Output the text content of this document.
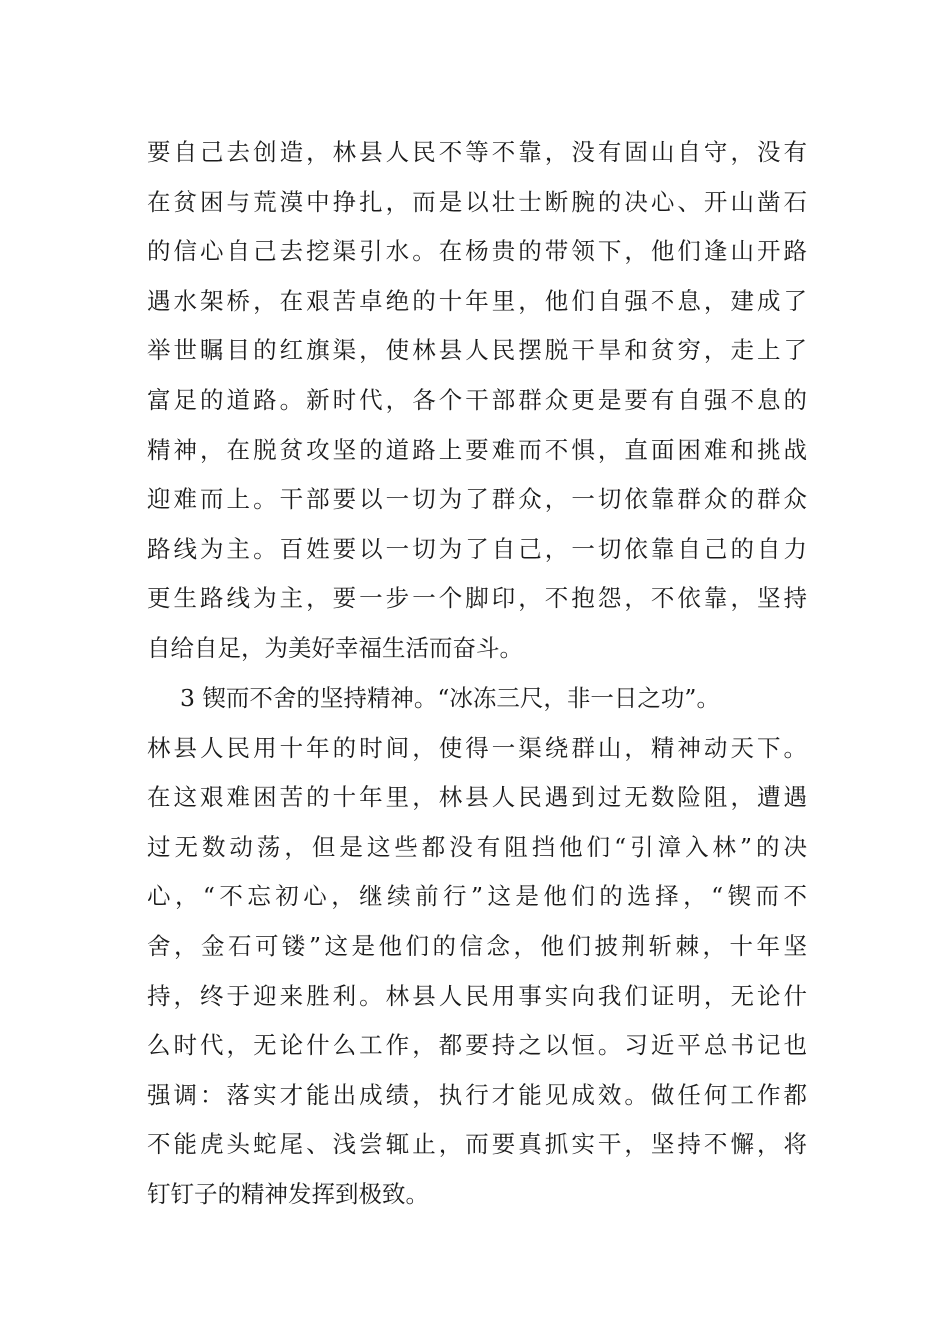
要自己去创造，林县人民不等不靠，没有固山自守，没有
在贫困与荒漠中挣扎，而是以壮士断腕的决心、开山凿石
的信心自己去挖渠引水。在杨贵的带领下，他们逢山开路
遇水架桥，在艰苦卓绝的十年里，他们自强不息，建成了
举世瞩目的红旗渠，使林县人民摆脱干旱和贫穷，走上了
富足的道路。新时代，各个干部群众更是要有自强不息的
精神，在脱贫攻坚的道路上要难而不惧，直面困难和挑战
迎难而上。干部要以一切为了群众，一切依靠群众的群众
路线为主。百姓要以一切为了自己，一切依靠自己的自力
更生路线为主，要一步一个脚印，不抱怨，不依靠，坚持
自给自足，为美好幸福生活而奋斗。
3 锲而不舍的坚持精神。“冰冻三尺，非一日之功”。
林县人民用十年的时间，使得一渠绕群山，精神动天下。
在这艰难困苦的十年里，林县人民遇到过无数险阻，遭遇
过无数动荡，但是这些都没有阻挡他们“引漳入林”的决
心，“不忘初心，继续前行”这是他们的选择，“锲而不
舍，金石可镂”这是他们的信念，他们披荆斩棘，十年坚
持，终于迎来胜利。林县人民用事实向我们证明，无论什
么时代，无论什么工作，都要持之以恒。习近平总书记也
强调：落实才能出成绩，执行才能见成效。做任何工作都
不能虎头蛇尾、浅尝辄止，而要真抓实干，坚持不懈，将
钉钉子的精神发挥到极致。
